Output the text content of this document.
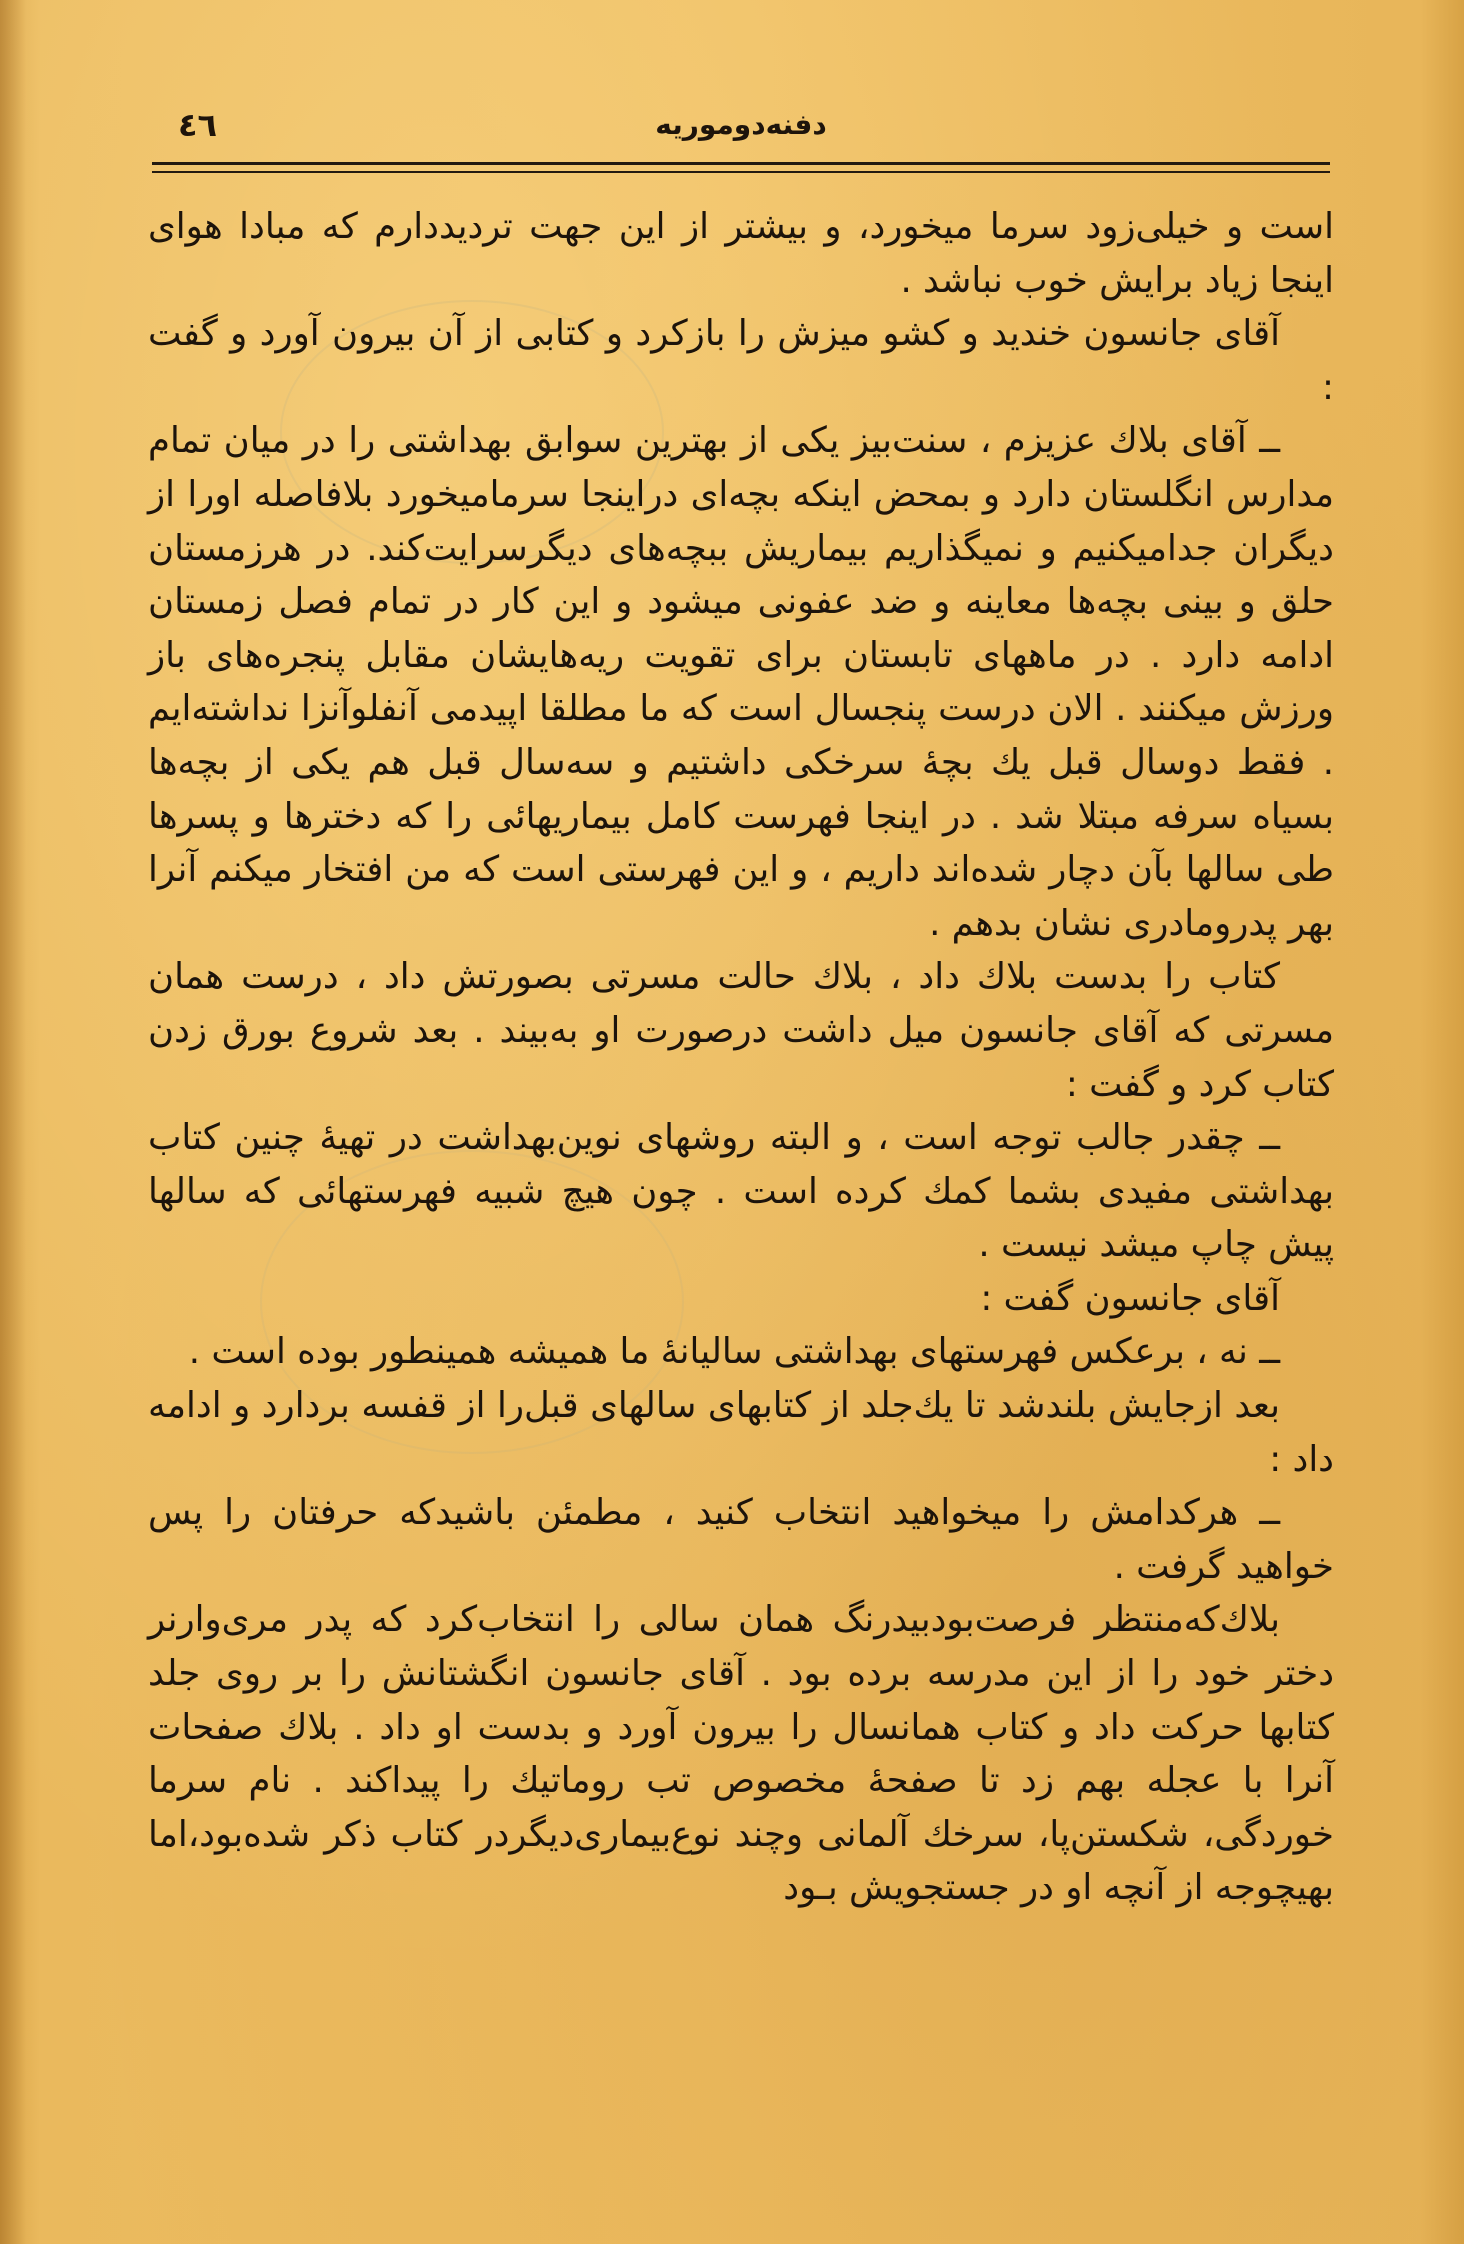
٤٦	دفنه‌دوموریه

است و خیلی‌زود سرما میخورد، و بیشتر از این جهت تردیددارم که مبادا هوای اینجا زیاد برایش خوب نباشد .

آقای جانسون خندید و کشو میزش را بازکرد و کتابی از آن بیرون آورد و گفت :

ــ آقای بلاك عزیزم ، سنت‌بیز یکی از بهترین سوابق بهداشتی را در میان تمام مدارس انگلستان دارد و بمحض اینکه بچه‌ای دراینجا سرمامیخورد بلافاصله اورا از دیگران جدامیکنیم و نمیگذاریم بیماریش ببچه‌های دیگرسرایت‌کند. در هرزمستان حلق و بینی بچه‌ها معاینه و ضد عفونی میشود و این کار در تمام فصل زمستان ادامه دارد . در ماههای تابستان برای تقویت ریه‌هایشان مقابل پنجره‌های باز ورزش میکنند . الان درست پنجسال است که ما مطلقا اپیدمی آنفلوآنزا نداشته‌ایم . فقط دوسال قبل یك بچهٔ سرخکی داشتیم و سه‌سال قبل هم یکی از بچه‌ها بسیاه سرفه مبتلا شد . در اینجا فهرست کامل بیماریهائی را که دخترها و پسرها طی سالها بآن دچار شده‌اند داریم ، و این فهرستی است که من افتخار میکنم آنرا بهر پدرومادری نشان بدهم .

کتاب را بدست بلاك داد ، بلاك حالت مسرتی بصورتش داد ، درست همان مسرتی که آقای جانسون میل داشت درصورت او به‌بیند . بعد شروع بورق زدن کتاب کرد و گفت :

ــ چقدر جالب توجه است ، و البته روشهای نوین‌بهداشت در تهیهٔ چنین کتاب بهداشتی مفیدی بشما کمك کرده است . چون هیچ شبیه فهرستهائی که سالها پیش چاپ میشد نیست .

آقای جانسون گفت :

ــ نه ، برعکس فهرستهای بهداشتی سالیانهٔ ما همیشه همینطور بوده است .

بعد ازجایش بلندشد تا یك‌جلد از کتابهای سالهای قبل‌را از قفسه بردارد و ادامه داد :

ــ هرکدامش را میخواهید انتخاب کنید ، مطمئن باشیدکه حرفتان را پس خواهید گرفت .

بلاك‌که‌منتظر فرصت‌بودبیدرنگ همان سالی را انتخاب‌کرد که پدر مری‌وارنر دختر خود را از این مدرسه برده بود . آقای جانسون انگشتانش را بر روی جلد کتابها حرکت داد و کتاب همانسال را بیرون آورد و بدست او داد . بلاك صفحات آنرا با عجله بهم زد تا صفحهٔ مخصوص تب روماتیك را پیداکند . نام سرما خوردگی، شکستن‌پا، سرخك آلمانی وچند نوع‌بیماری‌دیگردر کتاب ذکر شده‌بود،اما بهیچوجه از آنچه او در جستجویش بـود
